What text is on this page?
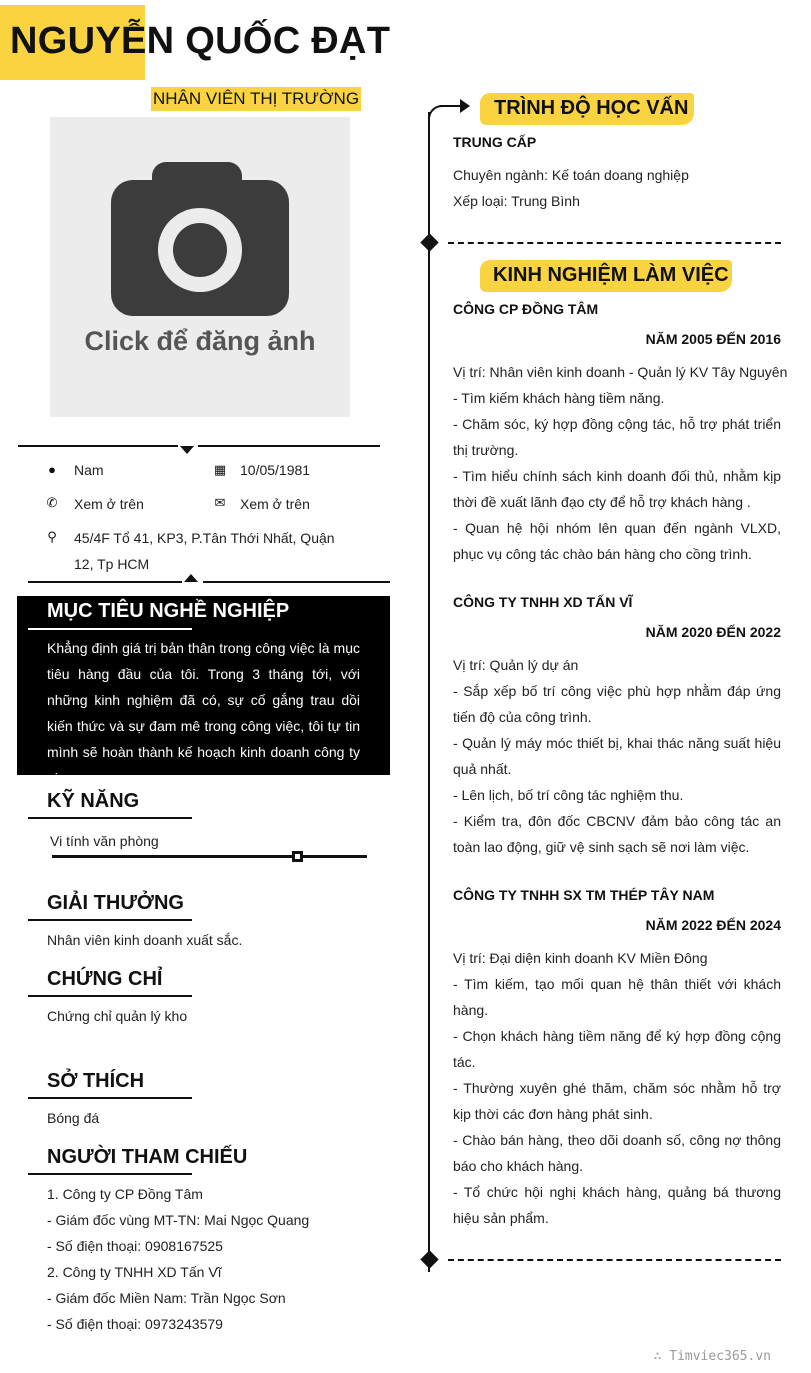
NGUYỄN QUỐC ĐẠT
NHÂN VIÊN THỊ TRƯỜNG
Click để đăng ảnh
● Nam	▦ 10/05/1981
✆ Xem ở trên	✉ Xem ở trên
⚲ 45/4F Tổ 41, KP3, P.Tân Thới Nhất, Quận
12, Tp HCM
MỤC TIÊU NGHỀ NGHIỆP
Khẳng định giá trị bản thân trong công việc là mục tiêu hàng đầu của tôi. Trong 3 tháng tới, với những kinh nghiệm đã có, sự cố gắng trau dồi kiến thức và sự đam mê trong công việc, tôi tự tin mình sẽ hoàn thành kế hoạch kinh doanh công ty giao.
KỸ NĂNG
Vi tính văn phòng
GIẢI THƯỞNG
Nhân viên kinh doanh xuất sắc.
CHỨNG CHỈ
Chứng chỉ quản lý kho
SỞ THÍCH
Bóng đá
NGƯỜI THAM CHIẾU
1. Công ty CP Đồng Tâm
- Giám đốc vùng MT-TN: Mai Ngọc Quang
- Số điện thoại: 0908167525
2. Công ty TNHH XD Tấn Vĩ
- Giám đốc Miền Nam: Trần Ngọc Sơn
- Số điện thoại: 0973243579
TRÌNH ĐỘ HỌC VẤN
TRUNG CẤP
Chuyên ngành: Kế toán doang nghiệp
Xếp loại: Trung Bình
KINH NGHIỆM LÀM VIỆC
CÔNG CP ĐỒNG TÂM
NĂM 2005 ĐẾN 2016
Vị trí: Nhân viên kinh doanh - Quản lý KV Tây Nguyên
- Tìm kiếm khách hàng tiềm năng.
- Chăm sóc, ký hợp đồng cộng tác, hỗ trợ phát triển thị trường.
- Tìm hiểu chính sách kinh doanh đối thủ, nhằm kịp thời đề xuất lãnh đạo cty để hỗ trợ khách hàng .
- Quan hệ hội nhóm lên quan đến ngành VLXD, phục vụ công tác chào bán hàng cho cồng trình.
CÔNG TY TNHH XD TẤN VĨ
NĂM 2020 ĐẾN 2022
Vị trí: Quản lý dự án
- Sắp xếp bố trí công việc phù hợp nhằm đáp ứng tiến độ của công trình.
- Quản lý máy móc thiết bị, khai thác năng suất hiệu quả nhất.
- Lên lịch, bố trí công tác nghiệm thu.
- Kiểm tra, đôn đốc CBCNV đảm bảo công tác an toàn lao động, giữ vệ sinh sạch sẽ nơi làm việc.
CÔNG TY TNHH SX TM THÉP TÂY NAM
NĂM 2022 ĐẾN 2024
Vị trí: Đại diện kinh doanh KV Miền Đông
- Tìm kiếm, tạo mối quan hệ thân thiết với khách hàng.
- Chọn khách hàng tiềm năng để ký hợp đồng cộng tác.
- Thường xuyên ghé thăm, chăm sóc nhằm hỗ trợ kịp thời các đơn hàng phát sinh.
- Chào bán hàng, theo dõi doanh số, công nợ thông báo cho khách hàng.
- Tổ chức hội nghị khách hàng, quảng bá thương hiệu sản phẩm.
∴ Timviec365.vn
